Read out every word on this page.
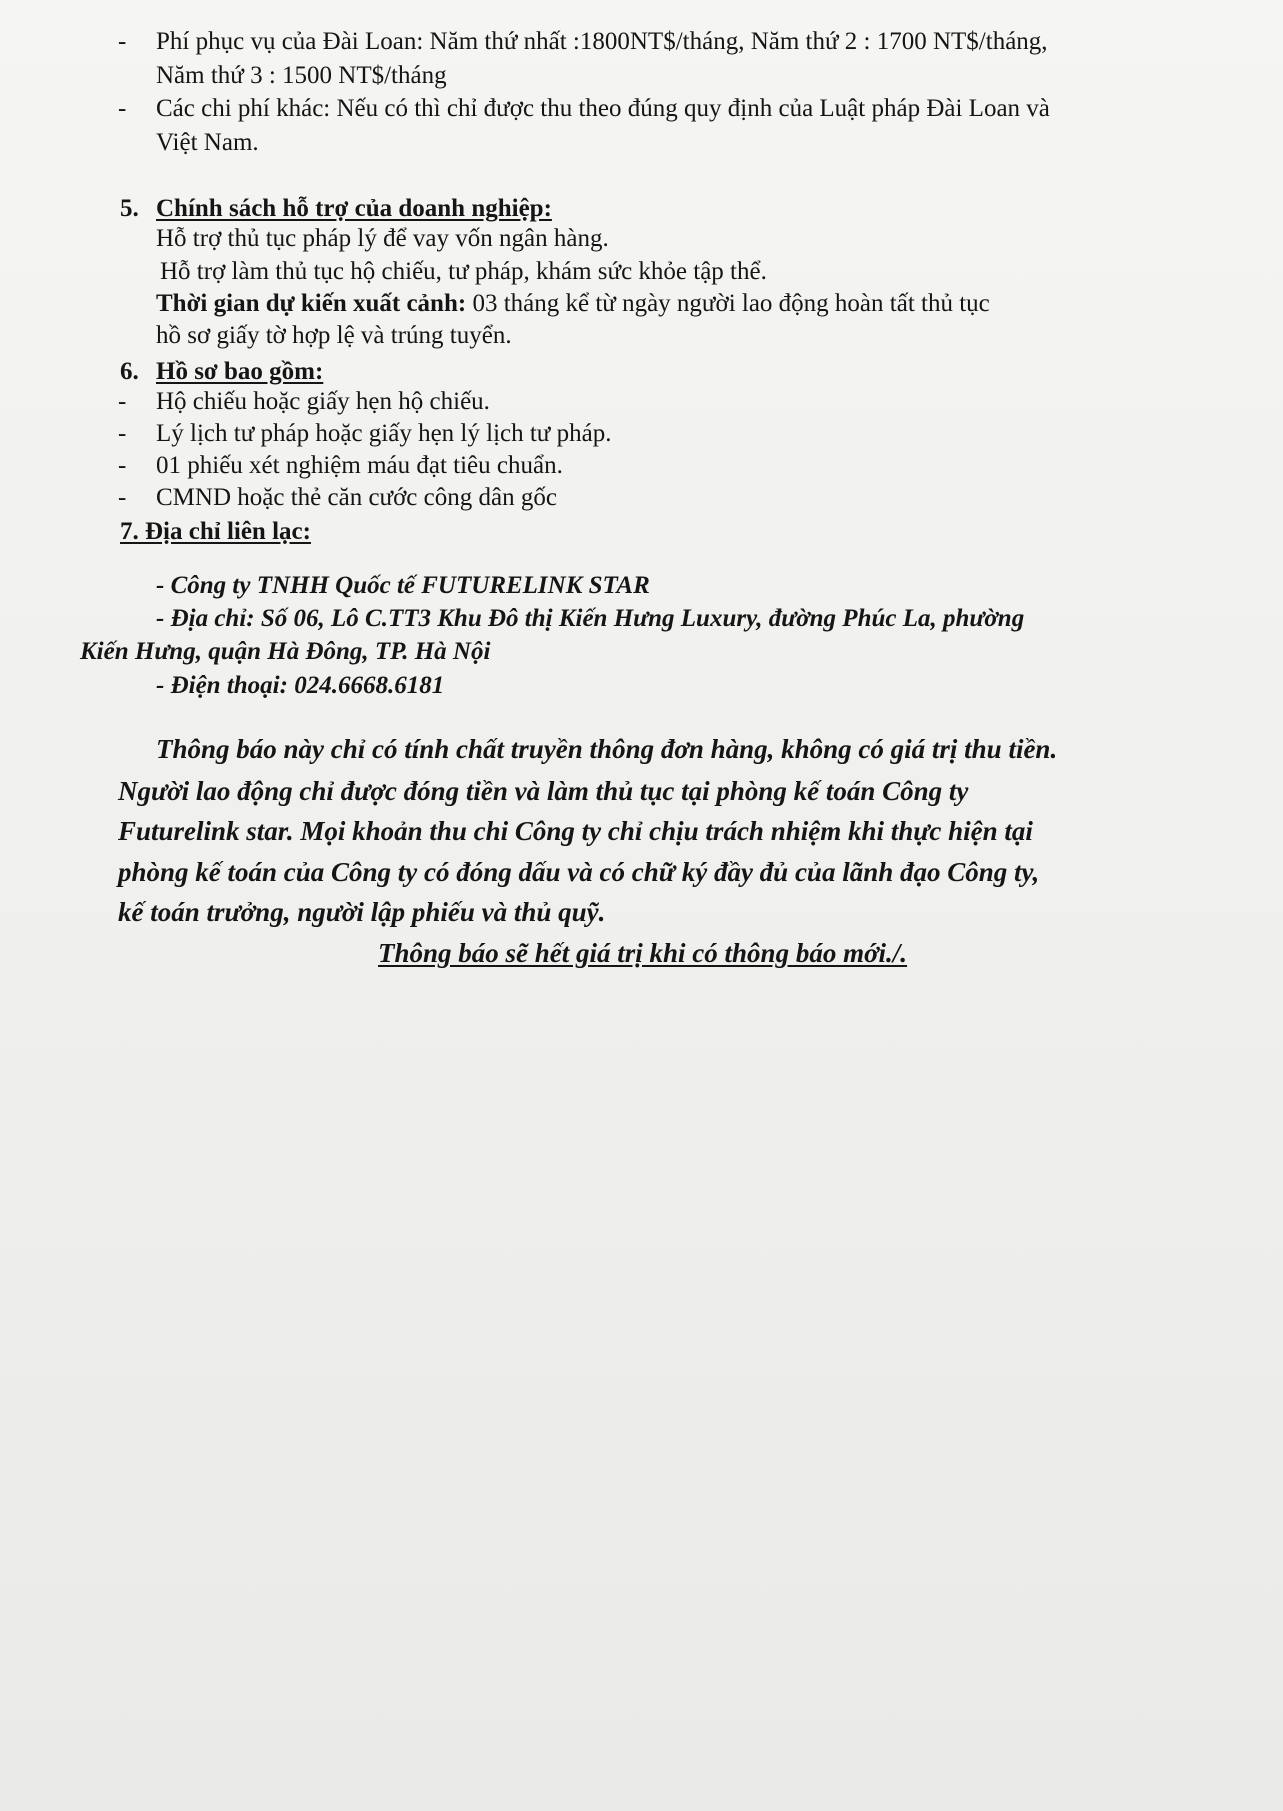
- Phí phục vụ của Đài Loan: Năm thứ nhất :1800NT$/tháng, Năm thứ 2 : 1700 NT$/tháng,
Năm thứ 3 : 1500 NT$/tháng
- Các chi phí khác: Nếu có thì chỉ được thu theo đúng quy định của Luật pháp Đài Loan và
Việt Nam.
5. Chính sách hỗ trợ của doanh nghiệp:
Hỗ trợ thủ tục pháp lý để vay vốn ngân hàng.
Hỗ trợ làm thủ tục hộ chiếu, tư pháp, khám sức khỏe tập thể.
Thời gian dự kiến xuất cảnh: 03 tháng kể từ ngày người lao động hoàn tất thủ tục
hồ sơ giấy tờ hợp lệ và trúng tuyển.
6. Hồ sơ bao gồm:
- Hộ chiếu hoặc giấy hẹn hộ chiếu.
- Lý lịch tư pháp hoặc giấy hẹn lý lịch tư pháp.
- 01 phiếu xét nghiệm máu đạt tiêu chuẩn.
- CMND hoặc thẻ căn cước công dân gốc
7. Địa chỉ liên lạc:
- Công ty TNHH Quốc tế FUTURELINK STAR
- Địa chỉ: Số 06, Lô C.TT3 Khu Đô thị Kiến Hưng Luxury, đường Phúc La, phường
Kiến Hưng, quận Hà Đông, TP. Hà Nội
- Điện thoại: 024.6668.6181
Thông báo này chỉ có tính chất truyền thông đơn hàng, không có giá trị thu tiền.
Người lao động chỉ được đóng tiền và làm thủ tục tại phòng kế toán Công ty
Futurelink star. Mọi khoản thu chi Công ty chỉ chịu trách nhiệm khi thực hiện tại
phòng kế toán của Công ty có đóng dấu và có chữ ký đầy đủ của lãnh đạo Công ty,
kế toán trưởng, người lập phiếu và thủ quỹ.
Thông báo sẽ hết giá trị khi có thông báo mới./.
